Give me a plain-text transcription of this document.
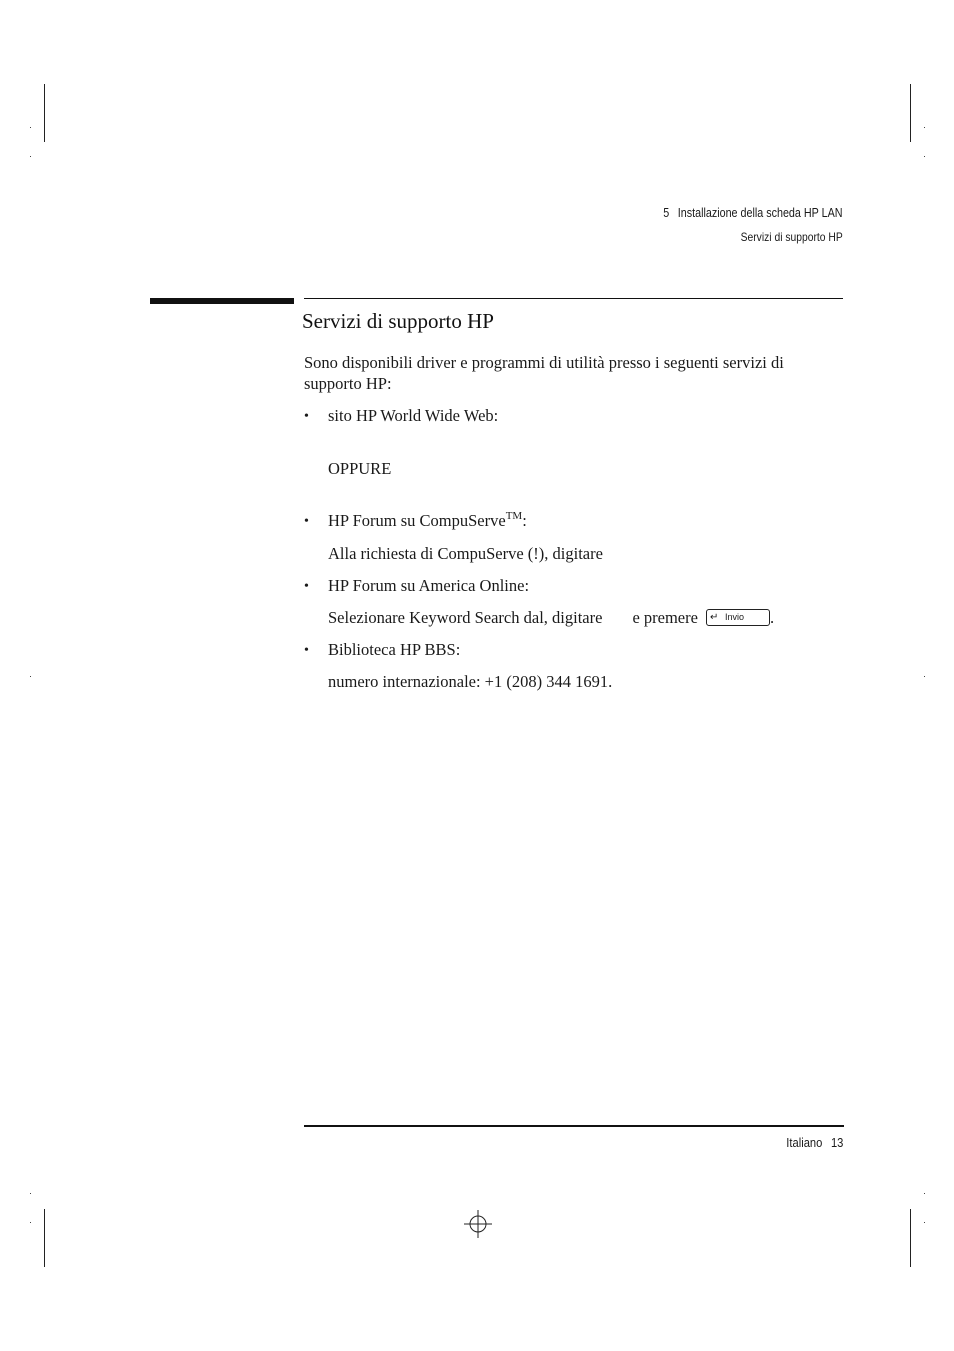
5 Installazione della scheda HP LAN
Servizi di supporto HP
Servizi di supporto HP
Sono disponibili driver e programmi di utilità presso i seguenti servizi di supporto HP:
• sito HP World Wide Web:
OPPURE
• HP Forum su CompuServe™:
Alla richiesta di CompuServe (!), digitare
• HP Forum su America Online:
Selezionare Keyword Search dal, digitare e premere ↵ Invio .
• Biblioteca HP BBS:
numero internazionale: +1 (208) 344 1691.
Italiano 13
